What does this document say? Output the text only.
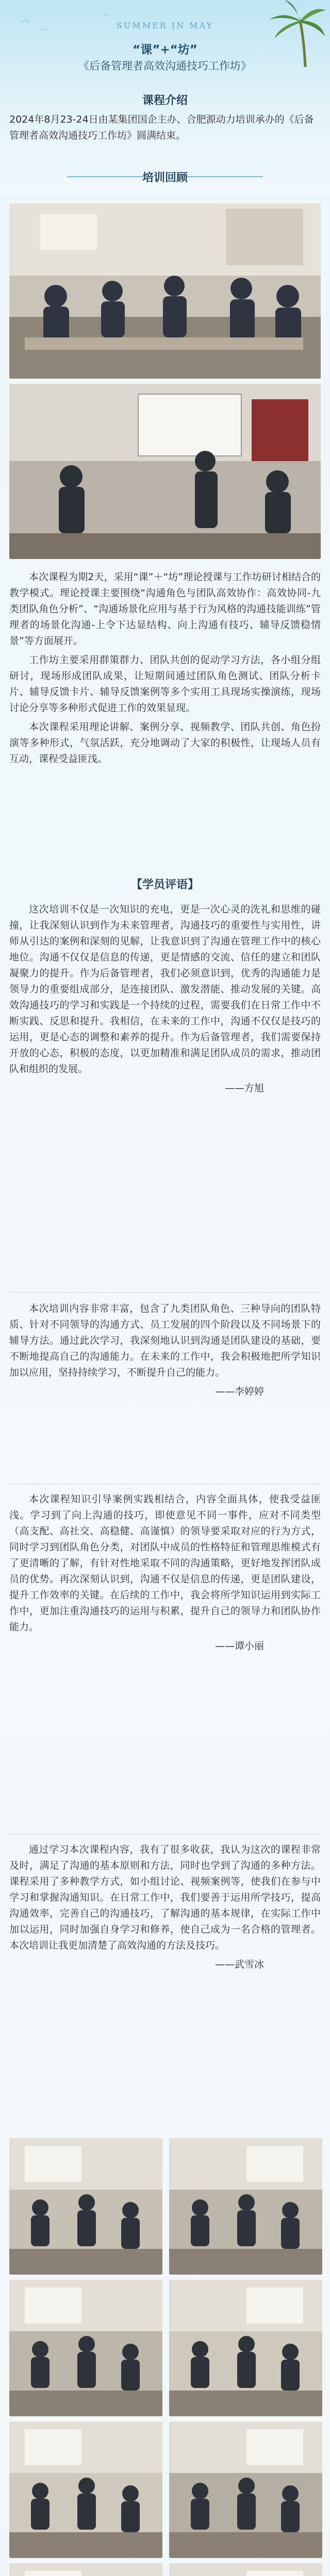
〰
〰
〰
SUMMER IN MAY
“课”+“坊”
《后备管理者高效沟通技巧工作坊》
课程介绍

2024年8月23-24日由某集团国企主办、合肥源动力培训承办的《后备管理者高效沟通技巧工作坊》圆满结束。

培训回顾

本次课程为期2天，采用“课”＋“坊”理论授课与工作坊研讨相结合的教学模式。理论授课主要围绕“沟通角色与团队高效协作：高效协同-九类团队角色分析”、“沟通场景化应用与基于行为风格的沟通技能训练”管理者的场景化沟通-上令下达显结构、向上沟通有技巧、辅导反馈稳情景”等方面展开。

工作坊主要采用群策群力、团队共创的促动学习方法，各小组分组研讨，现场形成团队成果，让短期间通过团队角色测试、团队分析卡片、辅导反馈卡片、辅导反馈案例等多个实用工具现场实操演练，现场讨论分享等多种形式促进工作的效果显现。

本次课程采用理论讲解、案例分享、视频教学、团队共创、角色扮演等多种形式，气氛活跃，充分地调动了大家的积极性，让现场人员有互动，课程受益匪浅。

【学员评语】

这次培训不仅是一次知识的充电，更是一次心灵的洗礼和思维的碰撞，让我深刻认识到作为未来管理者，沟通技巧的重要性与实用性，讲师从引达的案例和深刻的见解，让我意识到了沟通在管理工作中的核心地位。沟通不仅仅是信息的传递，更是情感的交流、信任的建立和团队凝聚力的提升。作为后备管理者，我们必须意识到，优秀的沟通能力是领导力的重要组成部分，是连接团队、激发潜能、推动发展的关键。高效沟通技巧的学习和实践是一个持续的过程，需要我们在日常工作中不断实践、反思和提升。我相信，在未来的工作中，沟通不仅仅是技巧的运用，更是心态的调整和素养的提升。作为后备管理者，我们需要保持开放的心态，积极的态度，以更加精准和满足团队成员的需求，推动团队和组织的发展。

——方旭

本次培训内容非常丰富，包含了九类团队角色、三种导向的团队特质、针对不同领导的沟通方式、员工发展的四个阶段以及不同场景下的辅导方法。通过此次学习，我深刻地认识到沟通是团队建设的基础，要不断地提高自己的沟通能力。在未来的工作中，我会积极地把所学知识加以应用，坚持持续学习，不断提升自己的能力。

——李婷婷

本次课程知识引导案例实践相结合，内容全面具体，使我受益匪浅。学习到了向上沟通的技巧，即使意见不同一事件，应对不同类型（高支配、高社交、高稳健、高谨慎）的领导要采取对应的行为方式，同时学习到团队角色分类，对团队中成员的性格特征和管理思维模式有了更清晰的了解，有针对性地采取不同的沟通策略，更好地发挥团队成员的优势。再次深刻认识到，沟通不仅是信息的传递，更是团队建设，提升工作效率的关键。在后续的工作中，我会将所学知识运用到实际工作中，更加注重沟通技巧的运用与积累，提升自己的领导力和团队协作能力。

——谭小丽

通过学习本次课程内容，我有了很多收获，我认为这次的课程非常及时，满足了沟通的基本原则和方法，同时也学到了沟通的多种方法。课程采用了多种教学方式，如小组讨论、视频案例等，使我们在参与中学习和掌握沟通知识。在日常工作中，我们要善于运用所学技巧，提高沟通效率，完善自己的沟通技巧，了解沟通的基本规律，在实际工作中加以运用，同时加强自身学习和修养，使自己成为一名合格的管理者。本次培训让我更加清楚了高效沟通的方法及技巧。

——武雪冰
